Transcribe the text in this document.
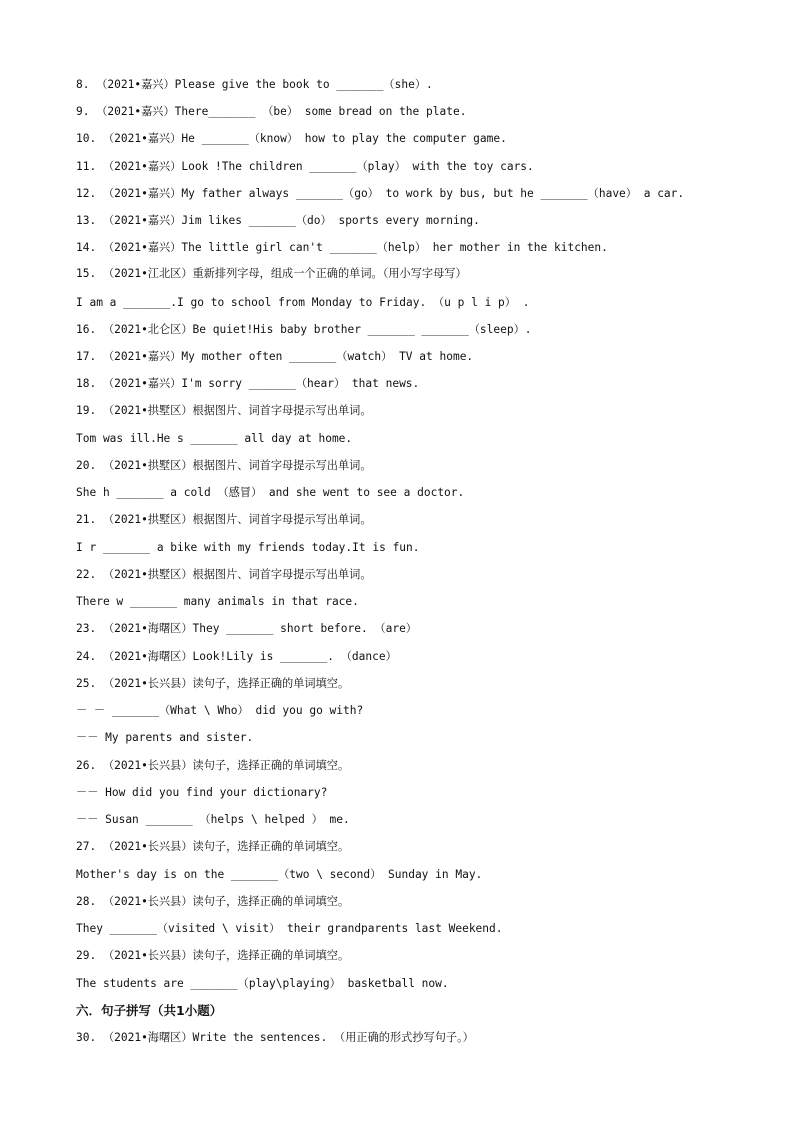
8. （2021•嘉兴）Please give the book to _______（she）.
9. （2021•嘉兴）There_______ （be） some bread on the plate.
10. （2021•嘉兴）He _______（know） how to play the computer game.
11. （2021•嘉兴）Look !The children _______（play） with the toy cars.
12. （2021•嘉兴）My father always _______（go） to work by bus, but he _______（have） a car.
13. （2021•嘉兴）Jim likes _______（do） sports every morning.
14. （2021•嘉兴）The little girl can't _______（help） her mother in the kitchen.
15. （2021•江北区）重新排列字母，组成一个正确的单词。（用小写字母写）
I am a _______.I go to school from Monday to Friday. （u p l i p） .
16. （2021•北仑区）Be quiet!His baby brother _______ _______（sleep）.
17. （2021•嘉兴）My mother often _______（watch） TV at home.
18. （2021•嘉兴）I'm sorry _______（hear） that news.
19. （2021•拱墅区）根据图片、词首字母提示写出单词。
Tom was ill.He s _______ all day at home.
20. （2021•拱墅区）根据图片、词首字母提示写出单词。
She h _______ a cold （感冒） and she went to see a doctor.
21. （2021•拱墅区）根据图片、词首字母提示写出单词。
I r _______ a bike with my friends today.It is fun.
22. （2021•拱墅区）根据图片、词首字母提示写出单词。
There w _______ many animals in that race.
23. （2021•海曙区）They _______ short before. （are）
24. （2021•海曙区）Look!Lily is _______. （dance）
25. （2021•长兴县）读句子，选择正确的单词填空。
－ － _______（What \ Who） did you go with?
－－ My parents and sister.
26. （2021•长兴县）读句子，选择正确的单词填空。
－－ How did you find your dictionary?
－－ Susan _______ （helps \ helped ） me.
27. （2021•长兴县）读句子，选择正确的单词填空。
Mother's day is on the _______（two \ second） Sunday in May.
28. （2021•长兴县）读句子，选择正确的单词填空。
They _______（visited \ visit） their grandparents last Weekend.
29. （2021•长兴县）读句子，选择正确的单词填空。
The students are _______（play\playing） basketball now.
六．句子拼写（共1小题）
30. （2021•海曙区）Write the sentences. （用正确的形式抄写句子。）
